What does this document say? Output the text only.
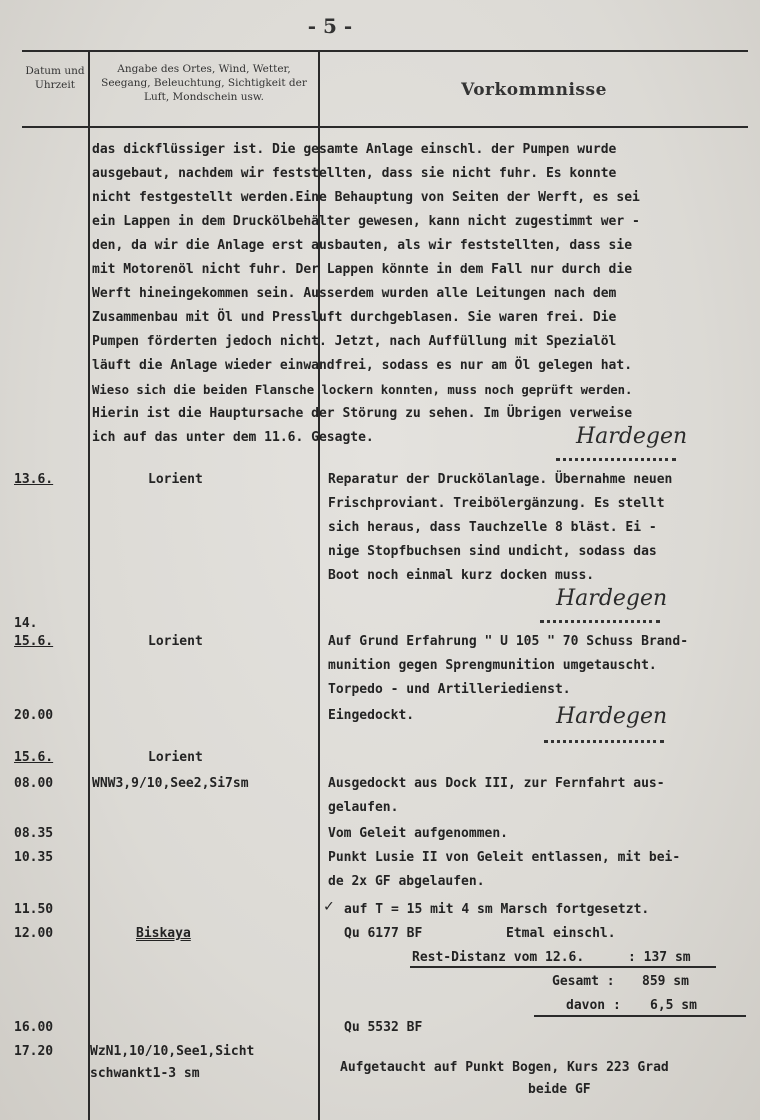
- 5 -
Datum und Uhrzeit
Angabe des Ortes, Wind, Wetter, Seegang, Beleuchtung, Sichtigkeit der Luft, Mondschein usw.	Vorkommnisse
das dickflüssiger ist. Die gesamte Anlage einschl. der Pumpen wurde
ausgebaut, nachdem wir feststellten, dass sie nicht fuhr. Es konnte
nicht festgestellt werden.Eine Behauptung von Seiten der Werft, es sei
ein Lappen in dem Druckölbehälter gewesen, kann nicht zugestimmt wer -
den, da wir die Anlage erst ausbauten, als wir feststellten, dass sie
mit Motorenöl nicht fuhr. Der Lappen könnte in dem Fall nur durch die
Werft hineingekommen sein. Ausserdem wurden alle Leitungen nach dem
Zusammenbau mit Öl und Pressluft durchgeblasen. Sie waren frei. Die
Pumpen förderten jedoch nicht. Jetzt, nach Auffüllung mit Spezialöl
läuft die Anlage wieder einwandfrei, sodass es nur am Öl gelegen hat.
Wieso sich die beiden Flansche lockern konnten, muss noch geprüft werden.
Hierin ist die Hauptursache der Störung zu sehen. Im Übrigen verweise
ich auf das unter dem 11.6. Gesagte.	Hardegen
13.6.	Lorient	Reparatur der Druckölanlage. Übernahme neuen
Frischproviant. Treibölergänzung. Es stellt
sich heraus, dass Tauchzelle 8 bläst. Ei -
nige Stopfbuchsen sind undicht, sodass das
Boot noch einmal kurz docken muss.
Hardegen
14.
15.6.	Lorient	Auf Grund Erfahrung " U 105 " 70 Schuss Brand-
munition gegen Sprengmunition umgetauscht.
Torpedo - und Artilleriedienst.
20.00	Eingedockt.	Hardegen
15.6.	Lorient
08.00	WNW3,9/10,See2,Si7sm	Ausgedockt aus Dock III, zur Fernfahrt aus-
gelaufen.
08.35	Vom Geleit aufgenommen.
10.35	Punkt Lusie II von Geleit entlassen, mit bei-
de 2x GF abgelaufen.
11.50	✓ auf T = 15 mit 4 sm Marsch fortgesetzt.
12.00	Biskaya	Qu 6177 BF	Etmal einschl.
Rest-Distanz vom 12.6.	: 137 sm
Gesamt : 859 sm
davon : 6,5 sm
16.00	Qu 5532 BF
17.20	WzN1,10/10,See1,Sicht
schwankt1-3 sm	Aufgetaucht auf Punkt Bogen, Kurs 223 Grad
beide GF
